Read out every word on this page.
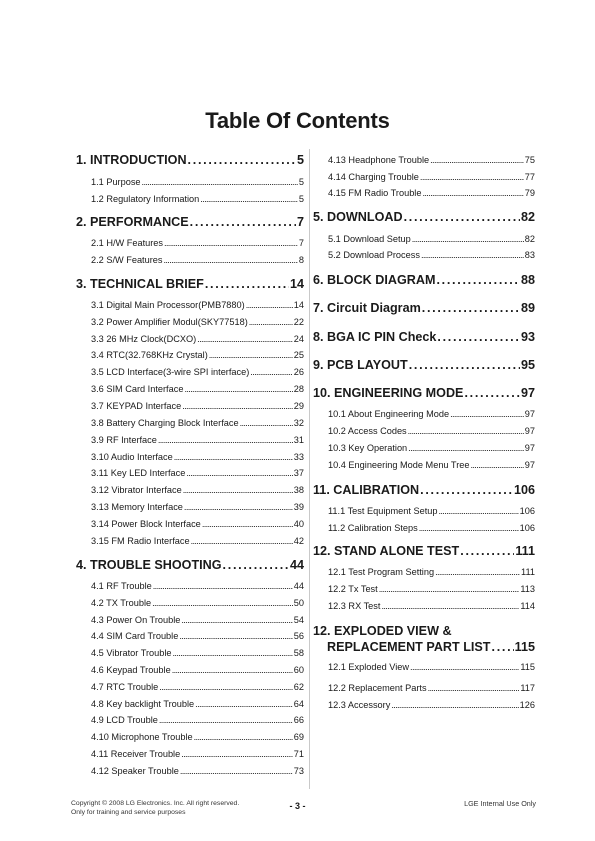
Table Of Contents
1. INTRODUCTION . . .	5
1.1 Purpose . . .	5
1.2 Regulatory Information . . .	5
2. PERFORMANCE . . .	7
2.1 H/W Features . . .	7
2.2 S/W Features . . .	8
3. TECHNICAL BRIEF . . .	14
3.1 Digital Main Processor(PMB7880) . . .	14
3.2 Power Amplifier Modul(SKY77518) . . .	22
3.3 26 MHz Clock(DCXO) . . .	24
3.4 RTC(32.768KHz Crystal) . . .	25
3.5 LCD Interface(3-wire SPI interface) . . .	26
3.6 SIM Card Interface . . .	28
3.7 KEYPAD Interface . . .	29
3.8 Battery Charging Block Interface . . .	32
3.9 RF Interface . . .	31
3.10 Audio Interface . . .	33
3.11 Key LED Interface . . .	37
3.12 Vibrator Interface . . .	38
3.13 Memory Interface . . .	39
3.14 Power Block Interface . . .	40
3.15 FM Radio Interface . . .	42
4. TROUBLE SHOOTING . . .	44
4.1 RF Trouble . . .	44
4.2 TX Trouble . . .	50
4.3 Power On Trouble . . .	54
4.4 SIM Card Trouble . . .	56
4.5 Vibrator Trouble . . .	58
4.6 Keypad Trouble . . .	60
4.7 RTC Trouble . . .	62
4.8 Key backlight Trouble . . .	64
4.9 LCD Trouble . . .	66
4.10 Microphone Trouble . . .	69
4.11 Receiver Trouble . . .	71
4.12 Speaker Trouble . . .	73
4.13 Headphone Trouble . . .	75
4.14 Charging Trouble . . .	77
4.15 FM Radio Trouble . . .	79
5. DOWNLOAD . . .	82
5.1 Download Setup . . .	82
5.2 Download Process . . .	83
6. BLOCK DIAGRAM . . .	88
7. Circuit Diagram . . .	89
8. BGA IC PIN Check . . .	93
9. PCB LAYOUT . . .	95
10. ENGINEERING MODE . . .	97
10.1 About Engineering Mode . . .	97
10.2 Access Codes . . .	97
10.3 Key Operation . . .	97
10.4 Engineering Mode Menu Tree . . .	97
11. CALIBRATION . . .	106
11.1 Test Equipment Setup . . .	106
11.2 Calibration Steps . . .	106
12. STAND ALONE TEST . . .	111
12.1 Test Program Setting . . .	111
12.2 Tx Test . . .	113
12.3 RX Test . . .	114
12. EXPLODED VIEW &
REPLACEMENT PART LIST . . . 115
12.1 Exploded View . . .	115
12.2 Replacement Parts . . .	117
12.3 Accessory . . .	126
Copyright © 2008 LG Electronics. Inc. All right reserved.
Only for training and service purposes
- 3 -	LGE Internal Use Only
